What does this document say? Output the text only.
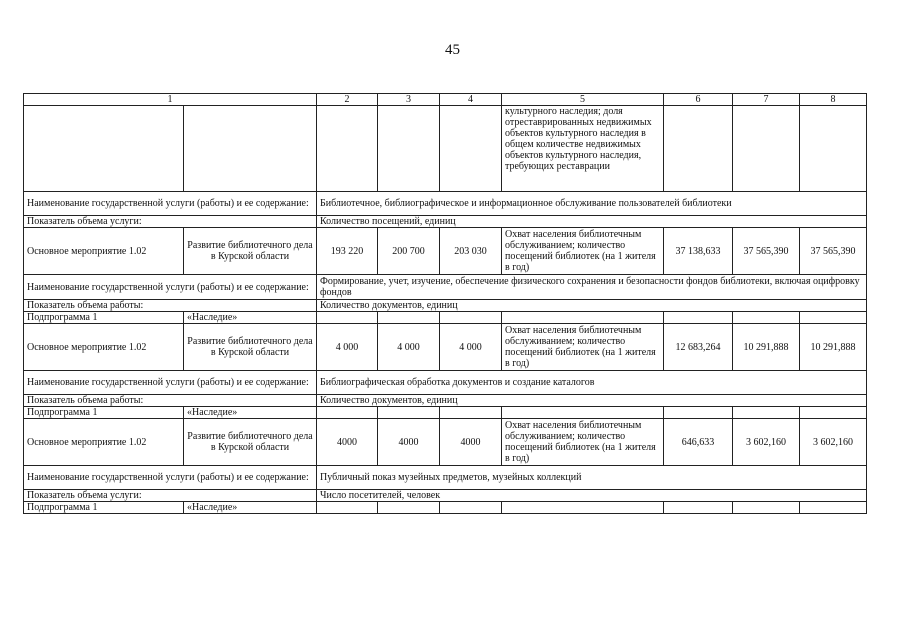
45
1		2	3	4	5	6	7	8
					культурного наследия; доля отреставрированных недвижимых объектов культурного наследия в общем количестве недвижимых объектов культурного наследия, требующих реставрации			
Наименование государственной услуги (работы) и ее содержание:		Библиотечное, библиографическое и информационное обслуживание пользователей библиотеки						
Показатель объема услуги:		Количество посещений, единиц						
Основное мероприятие 1.02	Развитие библиотечного дела в Курской области	193 220	200 700	203 030	Охват населения библиотечным обслуживанием; количество посещений библиотек (на 1 жителя в год)	37 138,633	37 565,390	37 565,390
Наименование государственной услуги (работы) и ее содержание:		Формирование, учет, изучение, обеспечение физического сохранения и безопасности фондов библиотеки, включая оцифровку фондов						
Показатель объема работы:		Количество документов, единиц						
Подпрограмма 1	«Наследие»							
Основное мероприятие 1.02	Развитие библиотечного дела в Курской области	4 000	4 000	4 000	Охват населения библиотечным обслуживанием; количество посещений библиотек (на 1 жителя в год)	12 683,264	10 291,888	10 291,888
Наименование государственной услуги (работы) и ее содержание:		Библиографическая обработка документов и создание каталогов						
Показатель объема работы:		Количество документов, единиц						
Подпрограмма 1	«Наследие»							
Основное мероприятие 1.02	Развитие библиотечного дела в Курской области	4000	4000	4000	Охват населения библиотечным обслуживанием; количество посещений библиотек (на 1 жителя в год)	646,633	3 602,160	3 602,160
Наименование государственной услуги (работы) и ее содержание:		Публичный показ музейных предметов, музейных коллекций						
Показатель объема услуги:		Число посетителей, человек						
Подпрограмма 1	«Наследие»							
